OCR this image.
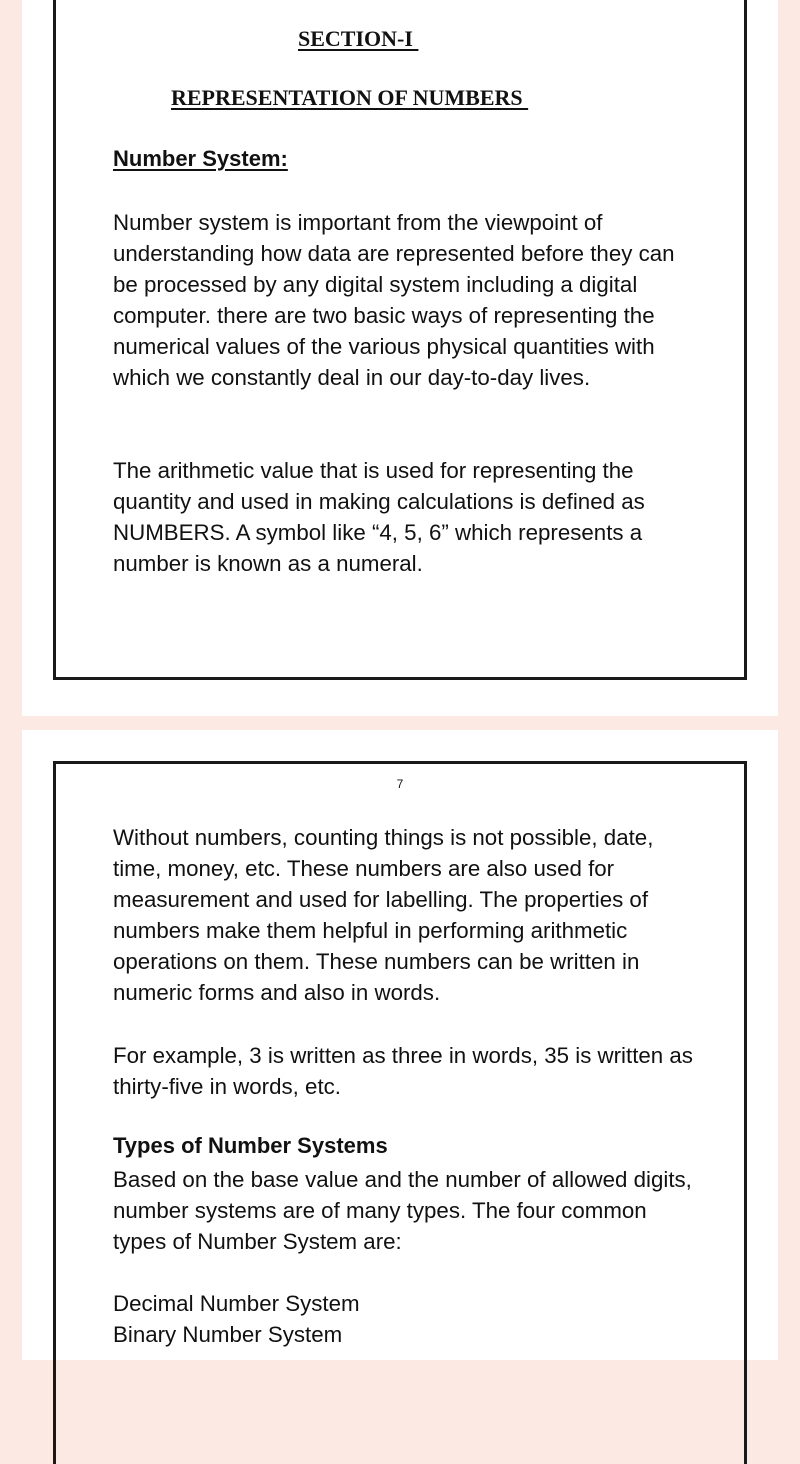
SECTION-I
REPRESENTATION OF NUMBERS
Number System:

Number system is important from the viewpoint of understanding how data are represented before they can be processed by any digital system including a digital computer. there are two basic ways of representing the numerical values of the various physical quantities with which we constantly deal in our day-to-day lives.

The arithmetic value that is used for representing the quantity and used in making calculations is defined as NUMBERS. A symbol like “4, 5, 6” which represents a number is known as a numeral.

7

Without numbers, counting things is not possible, date, time, money, etc. These numbers are also used for measurement and used for labelling. The properties of numbers make them helpful in performing arithmetic operations on them. These numbers can be written in numeric forms and also in words.

For example, 3 is written as three in words, 35 is written as thirty-five in words, etc.

Types of Number Systems

Based on the base value and the number of allowed digits, number systems are of many types. The four common types of Number System are:

Decimal Number System
Binary Number System
